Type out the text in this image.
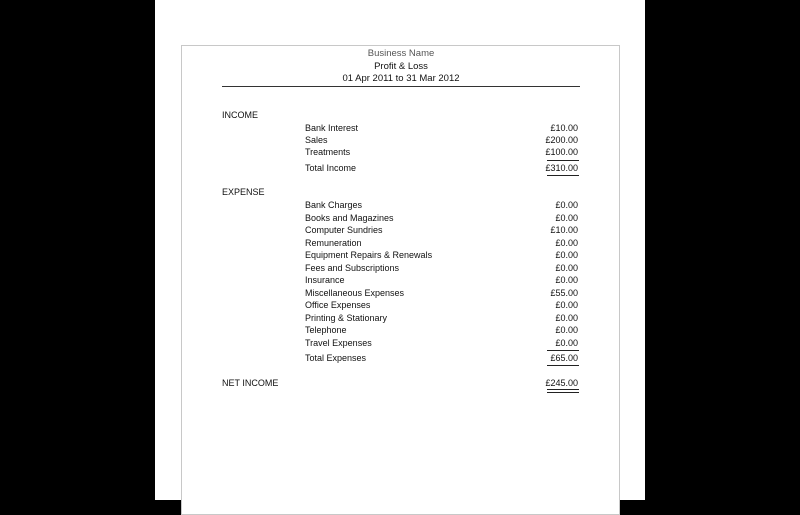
Business Name
Profit & Loss
01 Apr 2011 to 31 Mar 2012
INCOME
Bank Interest	£10.00
Sales	£200.00
Treatments	£100.00
Total Income	£310.00
EXPENSE
Bank Charges	£0.00
Books and Magazines	£0.00
Computer Sundries	£10.00
Remuneration	£0.00
Equipment Repairs & Renewals	£0.00
Fees and Subscriptions	£0.00
Insurance	£0.00
Miscellaneous Expenses	£55.00
Office Expenses	£0.00
Printing & Stationary	£0.00
Telephone	£0.00
Travel Expenses	£0.00
Total Expenses	£65.00
NET INCOME	£245.00
